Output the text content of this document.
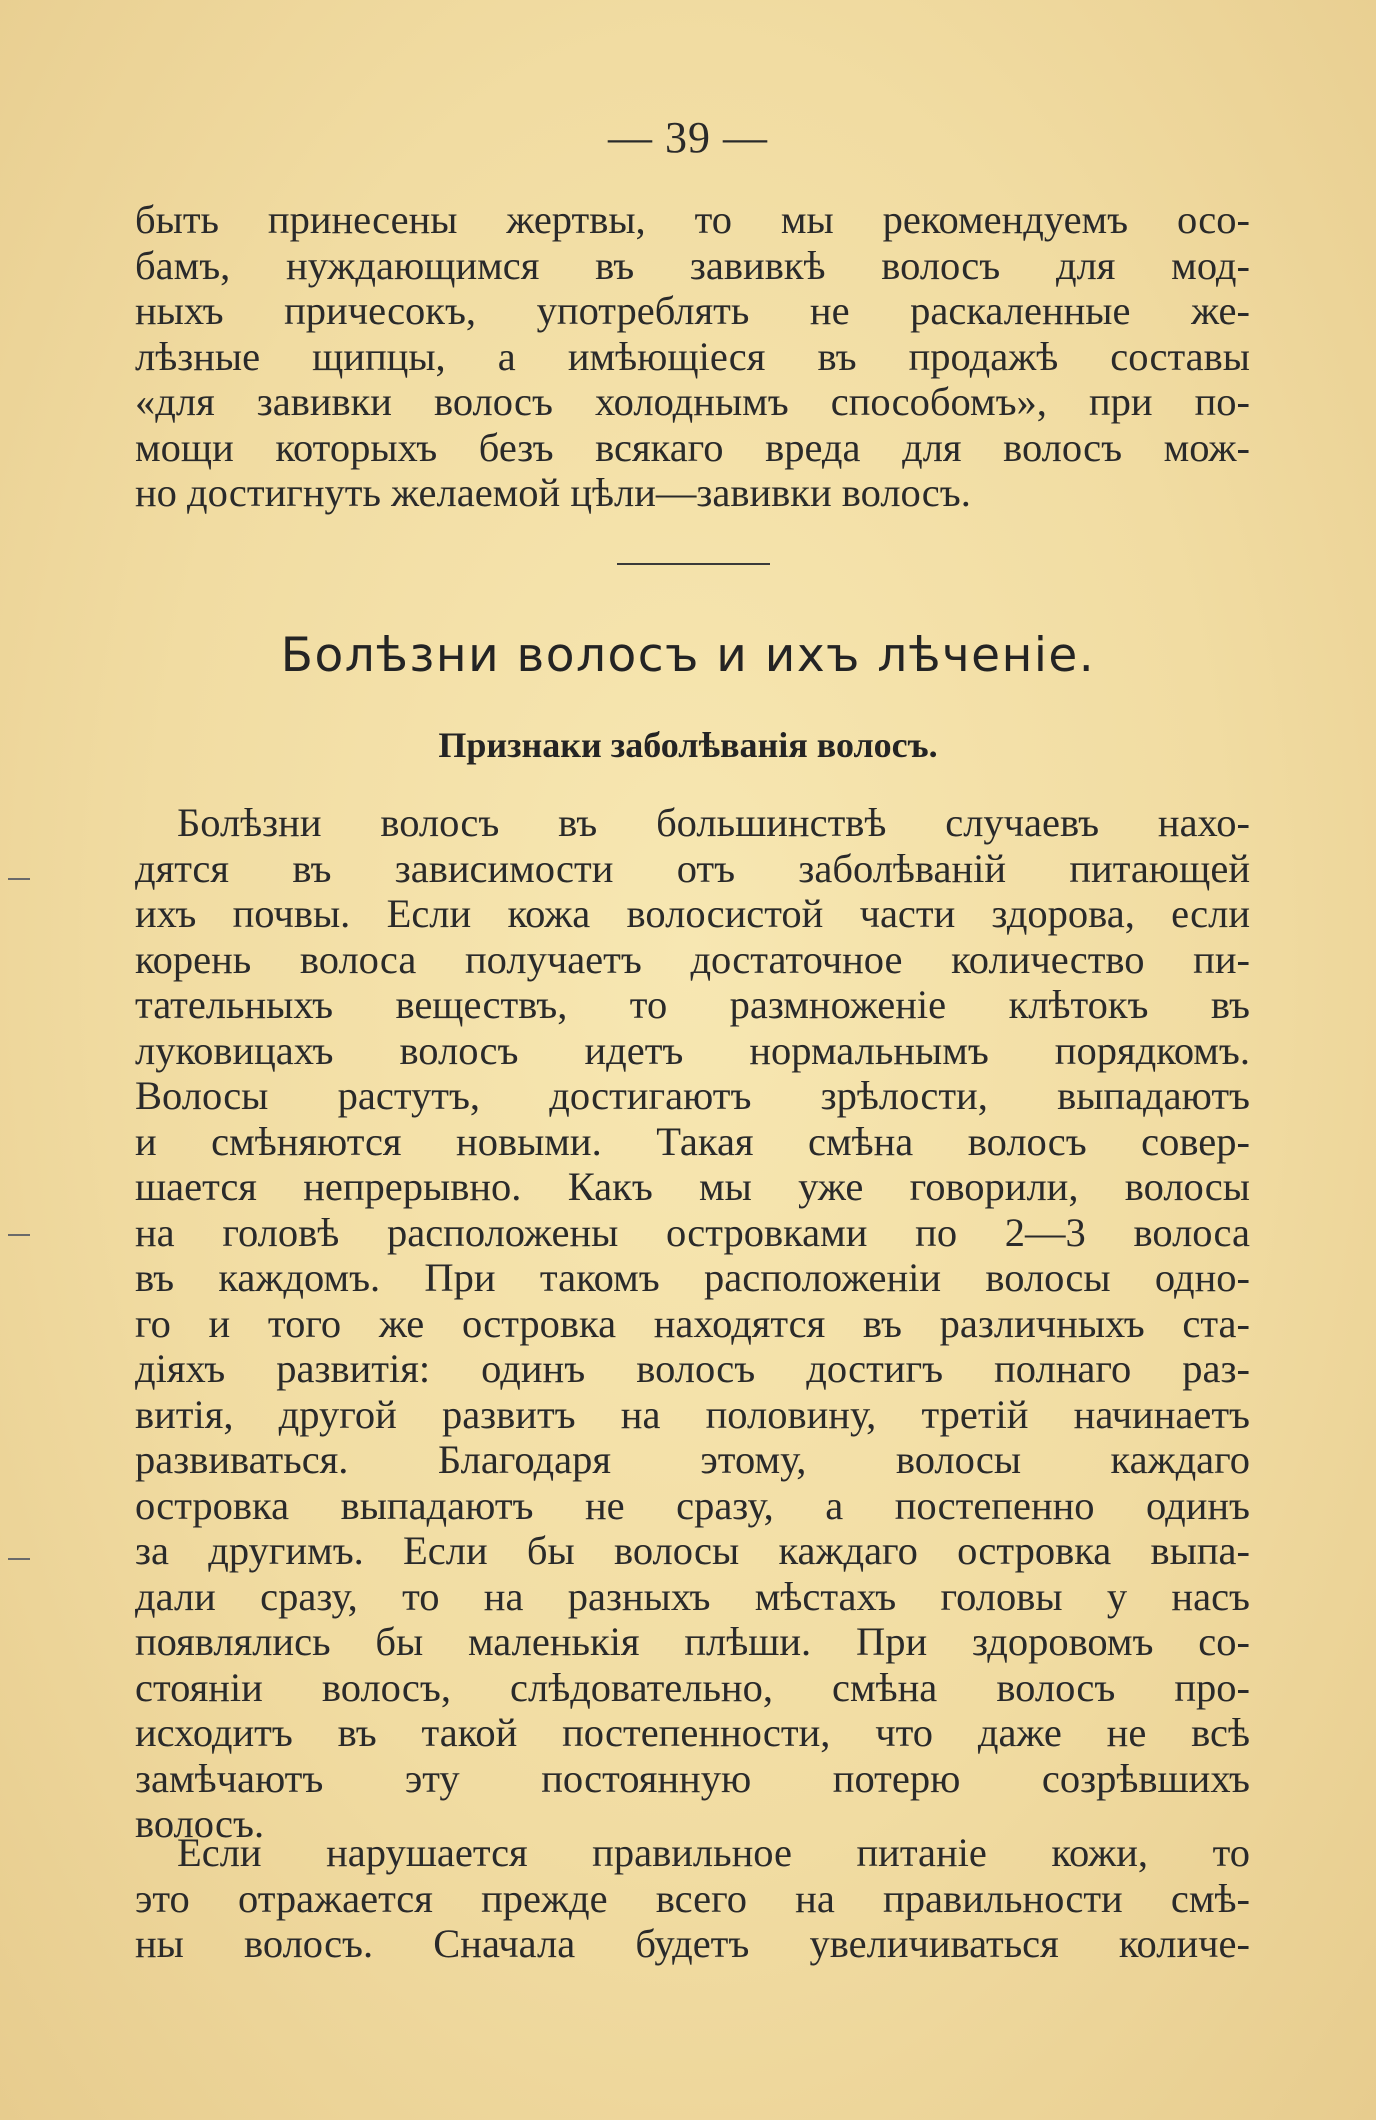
— 39 —
быть принесены жертвы, то мы рекомендуемъ осо-
бамъ, нуждающимся въ завивкѣ волосъ для мод-
ныхъ причесокъ, употреблять не раскаленные же-
лѣзные щипцы, а имѣющіеся въ продажѣ составы
«для завивки волосъ холоднымъ способомъ», при по-
мощи которыхъ безъ всякаго вреда для волосъ мож-
но достигнуть желаемой цѣли—завивки волосъ.
Болѣзни волосъ и ихъ лѣченіе.
Признаки заболѣванія волосъ.
Болѣзни волосъ въ большинствѣ случаевъ нахо-
дятся въ зависимости отъ заболѣваній питающей
ихъ почвы. Если кожа волосистой части здорова, если
корень волоса получаетъ достаточное количество пи-
тательныхъ веществъ, то размноженіе клѣтокъ въ
луковицахъ волосъ идетъ нормальнымъ порядкомъ.
Волосы растутъ, достигаютъ зрѣлости, выпадаютъ
и смѣняются новыми. Такая смѣна волосъ совер-
шается непрерывно. Какъ мы уже говорили, волосы
на головѣ расположены островками по 2—3 волоса
въ каждомъ. При такомъ расположеніи волосы одно-
го и того же островка находятся въ различныхъ ста-
діяхъ развитія: одинъ волосъ достигъ полнаго раз-
витія, другой развитъ на половину, третій начинаетъ
развиваться. Благодаря этому, волосы каждаго
островка выпадаютъ не сразу, а постепенно одинъ
за другимъ. Если бы волосы каждаго островка выпа-
дали сразу, то на разныхъ мѣстахъ головы у насъ
появлялись бы маленькія плѣши. При здоровомъ со-
стояніи волосъ, слѣдовательно, смѣна волосъ про-
исходитъ въ такой постепенности, что даже не всѣ
замѣчаютъ эту постоянную потерю созрѣвшихъ
волосъ.
Если нарушается правильное питаніе кожи, то
это отражается прежде всего на правильности смѣ-
ны волосъ. Сначала будетъ увеличиваться количе-
